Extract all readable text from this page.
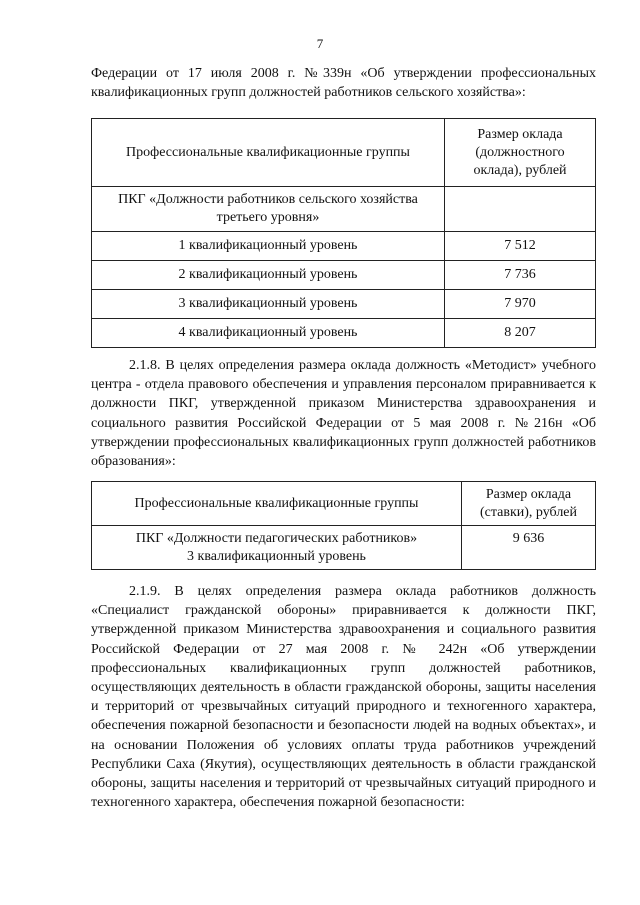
7

Федерации от 17 июля 2008 г. №339н «Об утверждении профессиональных квалификационных групп должностей работников сельского хозяйства»:

Профессиональные квалификационные группы	Размер оклада (должностного оклада), рублей
ПКГ «Должности работников сельского хозяйства третьего уровня»	
1 квалификационный уровень	7 512
2 квалификационный уровень	7 736
3 квалификационный уровень	7 970
4 квалификационный уровень	8 207

2.1.8. В целях определения размера оклада должность «Методист» учебного центра - отдела правового обеспечения и управления персоналом приравнивается к должности ПКГ, утвержденной приказом Министерства здравоохранения и социального развития Российской Федерации от 5 мая 2008 г. №216н «Об утверждении профессиональных квалификационных групп должностей работников образования»:

Профессиональные квалификационные группы	Размер оклада (ставки), рублей

ПКГ «Должности педагогических работников»
3 квалификационный уровень	9 636

2.1.9. В целях определения размера оклада работников должность «Специалист гражданской обороны» приравнивается к должности ПКГ, утвержденной приказом Министерства здравоохранения и социального развития Российской Федерации от 27 мая 2008 г. № 242н «Об утверждении профессиональных квалификационных групп должностей работников, осуществляющих деятельность в области гражданской обороны, защиты населения и территорий от чрезвычайных ситуаций природного и техногенного характера, обеспечения пожарной безопасности и безопасности людей на водных объектах», и на основании Положения об условиях оплаты труда работников учреждений Республики Саха (Якутия), осуществляющих деятельность в области гражданской обороны, защиты населения и территорий от чрезвычайных ситуаций природного и техногенного характера, обеспечения пожарной безопасности:
